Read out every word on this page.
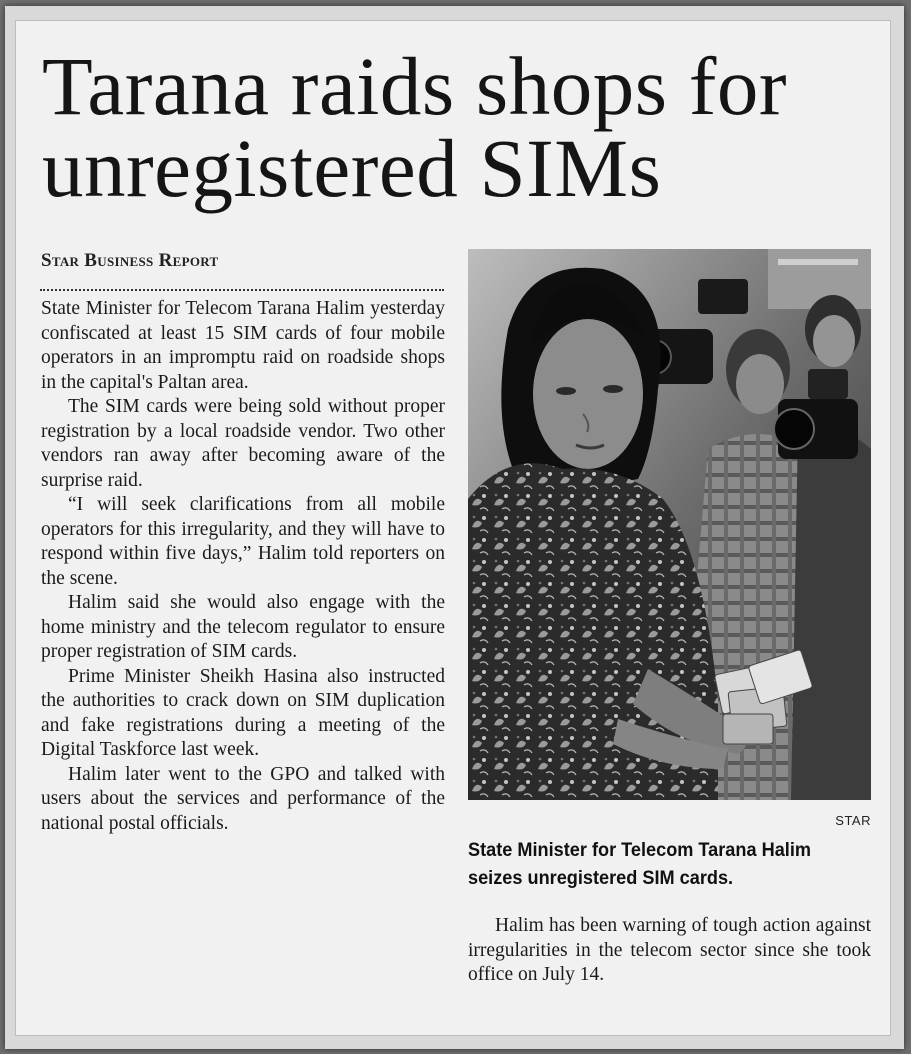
Tarana raids shops for unregistered SIMs
Star Business Report

State Minister for Telecom Tarana Halim yesterday confiscated at least 15 SIM cards of four mobile operators in an impromptu raid on roadside shops in the capital's Paltan area.

The SIM cards were being sold without proper registration by a local roadside vendor. Two other vendors ran away after becoming aware of the surprise raid.

“I will seek clarifications from all mobile operators for this irregularity, and they will have to respond within five days,” Halim told reporters on the scene.

Halim said she would also engage with the home ministry and the telecom regulator to ensure proper registration of SIM cards.

Prime Minister Sheikh Hasina also instructed the authorities to crack down on SIM duplication and fake registrations during a meeting of the Digital Taskforce last week.

Halim later went to the GPO and talked with users about the services and performance of the national postal officials.	STAR

State Minister for Telecom Tarana Halim seizes unregistered SIM cards.

Halim has been warning of tough action against irregularities in the telecom sector since she took office on July 14.
